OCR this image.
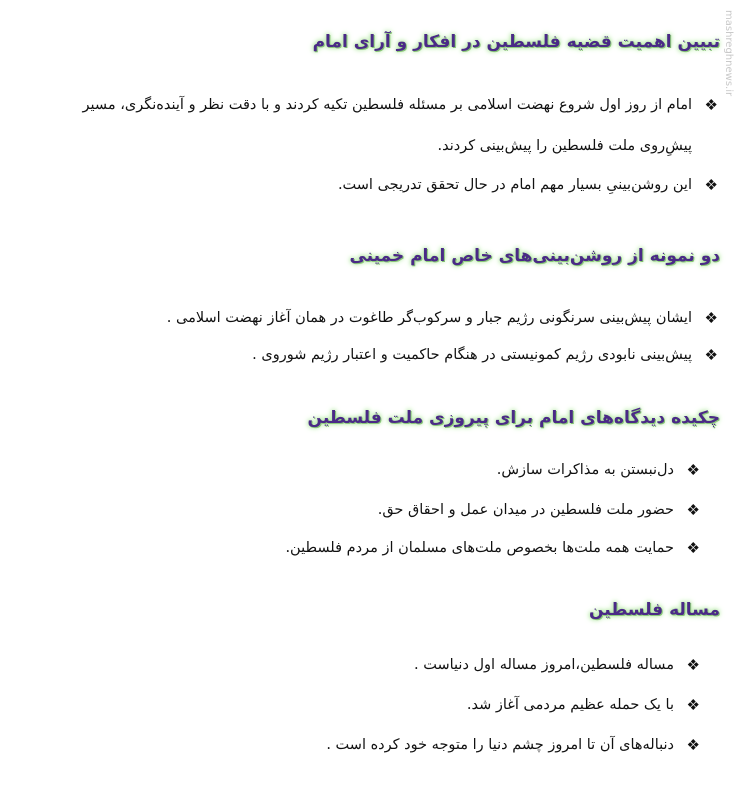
mashreghnews.ir
تبیین اهمیت قضیه فلسطین در افکار و آرای امام
❖
امام از روز اول شروع نهضت اسلامی بر مسئله فلسطین تکیه کردند و با دقت نظر و آینده‌نگری، مسیر
پیشِ‌روی ملت فلسطین را پیش‌بینی کردند.
❖
این روشن‌بینیِ بسیار مهم امام در حال تحقق تدریجی است.
دو نمونه از روشن‌بینی‌های خاص امام خمینی
❖
ایشان پیش‌بینی سرنگونی رژیم جبار و سرکوب‌گر طاغوت در همان آغاز نهضت اسلامی .
❖
پیش‌بینی نابودی رژیم کمونیستی در هنگام حاکمیت و اعتبار رژیم شوروی .
چکیده دیدگاه‌های امام برای پیروزی ملت فلسطین
❖
دل‌نبستن به مذاکرات سازش.
❖
حضور ملت فلسطین در میدان عمل و احقاق حق.
❖
حمایت همه ملت‌ها بخصوص ملت‌های مسلمان از مردم فلسطین.
مساله فلسطین
❖
مساله فلسطین،امروز مساله اول دنیاست .
❖
با یک حمله عظیم مردمی آغاز شد.
❖
دنباله‌های آن تا امروز چشم دنیا را متوجه خود کرده است .
